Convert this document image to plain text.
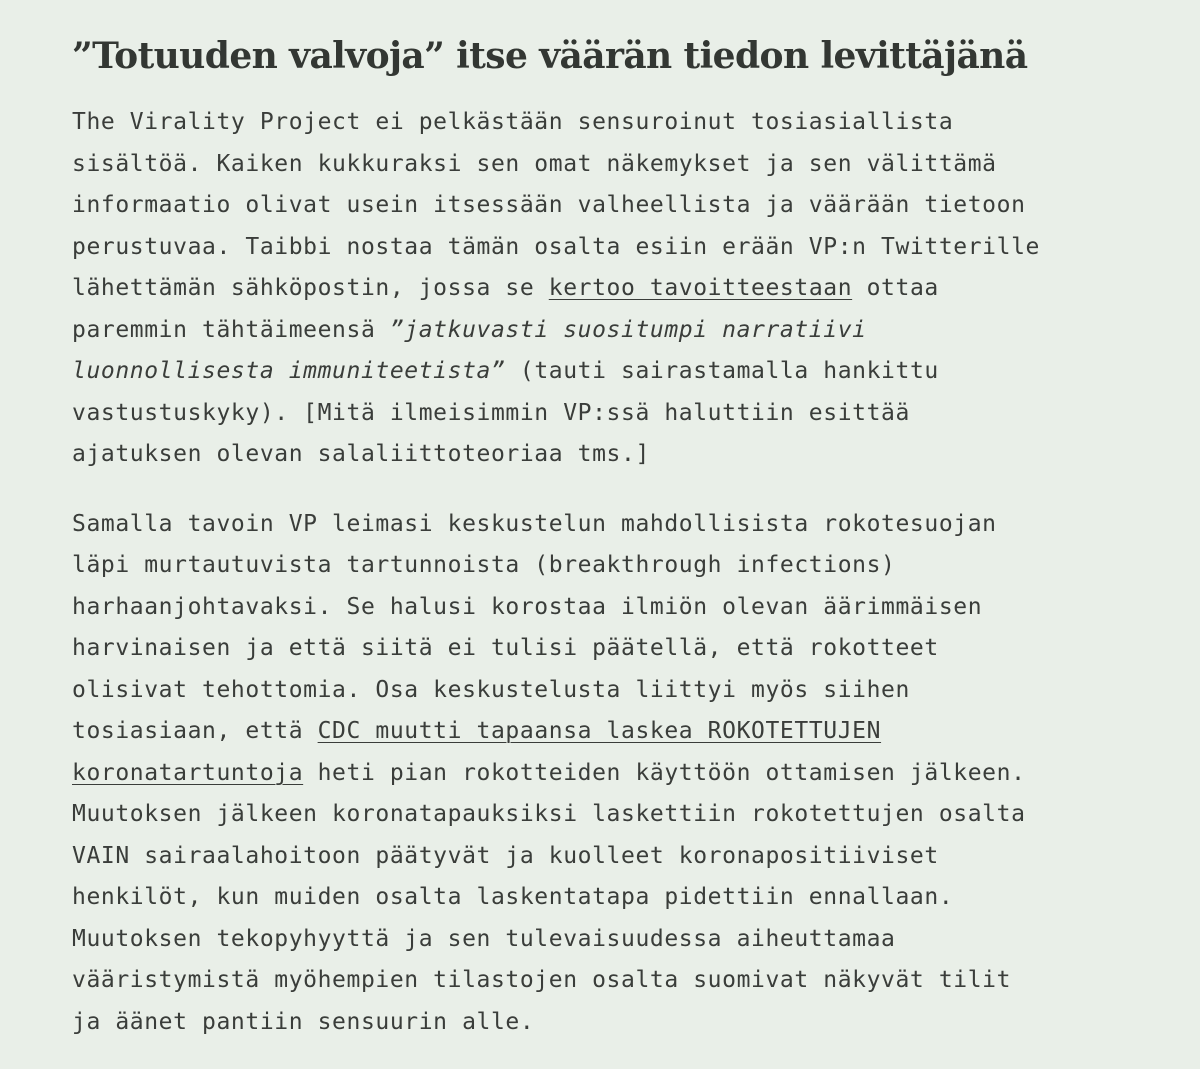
”Totuuden valvoja” itse väärän tiedon levittäjänä

The Virality Project ei pelkästään sensuroinut tosiasiallista
sisältöä. Kaiken kukkuraksi sen omat näkemykset ja sen välittämä
informaatio olivat usein itsessään valheellista ja väärään tietoon
perustuvaa. Taibbi nostaa tämän osalta esiin erään VP:n Twitterille
lähettämän sähköpostin, jossa se kertoo tavoitteestaan ottaa
paremmin tähtäimeensä ”jatkuvasti suositumpi narratiivi
luonnollisesta immuniteetista” (tauti sairastamalla hankittu
vastustuskyky). [Mitä ilmeisimmin VP:ssä haluttiin esittää
ajatuksen olevan salaliittoteoriaa tms.]

Samalla tavoin VP leimasi keskustelun mahdollisista rokotesuojan
läpi murtautuvista tartunnoista (breakthrough infections)
harhaanjohtavaksi. Se halusi korostaa ilmiön olevan äärimmäisen
harvinaisen ja että siitä ei tulisi päätellä, että rokotteet
olisivat tehottomia. Osa keskustelusta liittyi myös siihen
tosiasiaan, että CDC muutti tapaansa laskea ROKOTETTUJEN
koronatartuntoja heti pian rokotteiden käyttöön ottamisen jälkeen.
Muutoksen jälkeen koronatapauksiksi laskettiin rokotettujen osalta
VAIN sairaalahoitoon päätyvät ja kuolleet koronapositiiviset
henkilöt, kun muiden osalta laskentatapa pidettiin ennallaan.
Muutoksen tekopyhyyttä ja sen tulevaisuudessa aiheuttamaa
vääristymistä myöhempien tilastojen osalta suomivat näkyvät tilit
ja äänet pantiin sensuurin alle.
